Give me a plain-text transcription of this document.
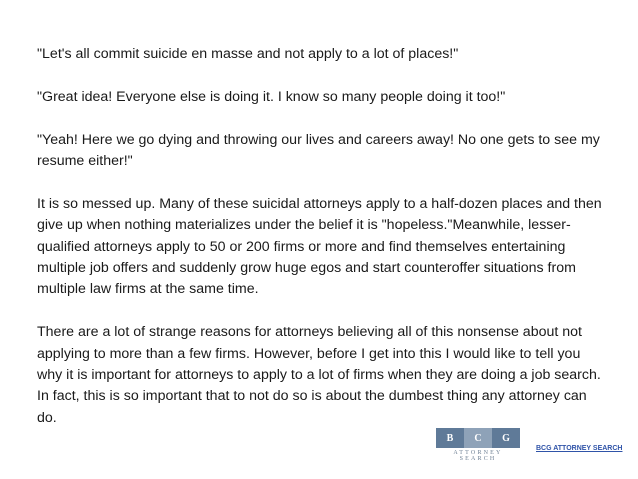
"Let's all commit suicide en masse and not apply to a lot of places!"

"Great idea! Everyone else is doing it. I know so many people doing it too!"

"Yeah! Here we go dying and throwing our lives and careers away! No one gets to see my resume either!"

It is so messed up. Many of these suicidal attorneys apply to a half-dozen places and then give up when nothing materializes under the belief it is "hopeless."Meanwhile, lesser-qualified attorneys apply to 50 or 200 firms or more and find themselves entertaining multiple job offers and suddenly grow huge egos and start counteroffer situations from multiple law firms at the same time.

There are a lot of strange reasons for attorneys believing all of this nonsense about not applying to more than a few firms. However, before I get into this I would like to tell you why it is important for attorneys to apply to a lot of firms when they are doing a job search. In fact, this is so important that to not do so is about the dumbest thing any attorney can do.

B	C	G
ATTORNEY SEARCH
BCG ATTORNEY SEARCH
